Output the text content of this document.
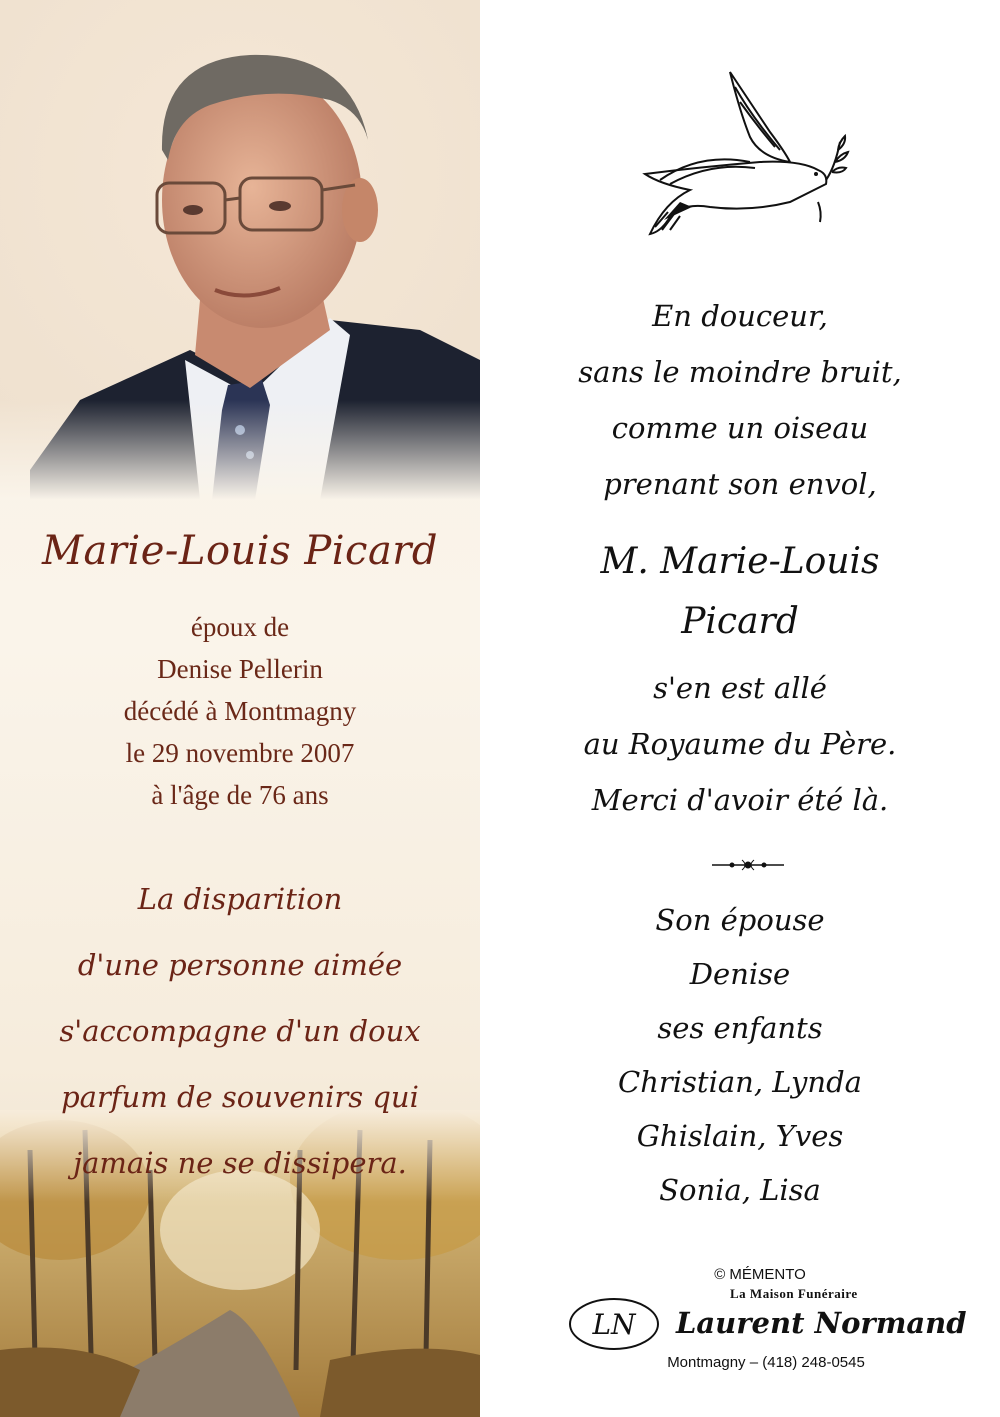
Marie-Louis Picard
époux de
Denise Pellerin
décédé à Montmagny
le 29 novembre 2007
à l'âge de 76 ans
La disparition
d'une personne aimée
s'accompagne d'un doux
parfum de souvenirs qui
jamais ne se dissipera.
En douceur,
sans le moindre bruit,
comme un oiseau
prenant son envol,
M. Marie-Louis
Picard
s'en est allé
au Royaume du Père.
Merci d'avoir été là.
Son épouse
Denise
ses enfants
Christian, Lynda
Ghislain, Yves
Sonia, Lisa
© MÉMENTO
La Maison Funéraire
LN Laurent Normand
Montmagny – (418) 248-0545
